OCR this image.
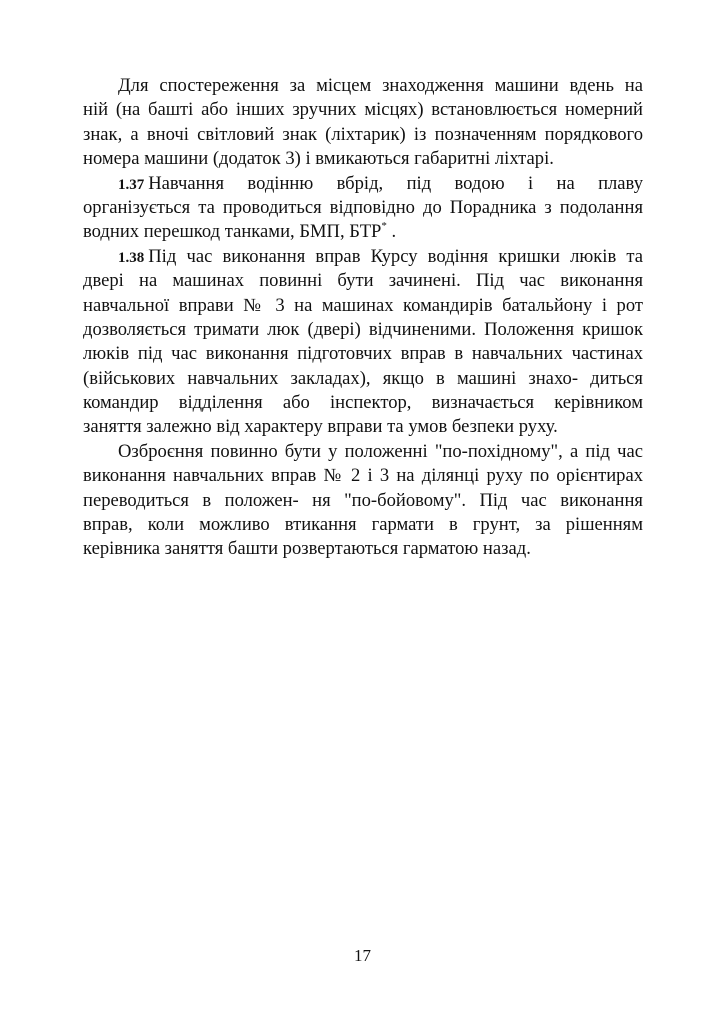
Для спостереження за місцем знаходження машини вдень на
ній (на башті або інших зручних місцях) встановлюється номерний
знак, а вночі світловий знак (ліхтарик) із позначенням порядкового
номера машини (додаток 3) і вмикаються габаритні ліхтарі.
1.37 Навчання водінню вбрід, під водою і на плаву
організується та проводиться відповідно до Порадника з подолання
водних перешкод танками, БМП, БТР* .
1.38 Під час виконання вправ Курсу водіння кришки люків та
двері на машинах повинні бути зачинені. Під час виконання
навчальної вправи № 3 на машинах командирів батальйону і рот
дозволяється тримати люк (двері) відчиненими. Положення кришок
люків під час виконання підготовчих вправ в навчальних частинах
(військових навчальних закладах), якщо в машині знахо- диться
командир відділення або інспектор, визначається керівником
заняття залежно від характеру вправи та умов безпеки руху.
Озброєння повинно бути у положенні "по-похідному", а під час
виконання навчальних вправ № 2 і 3 на ділянці руху по орієнтирах
переводиться в положен- ня "по-бойовому". Під час виконання
вправ, коли можливо втикання гармати в грунт, за рішенням
керівника заняття башти розвертаються гарматою назад.
17
